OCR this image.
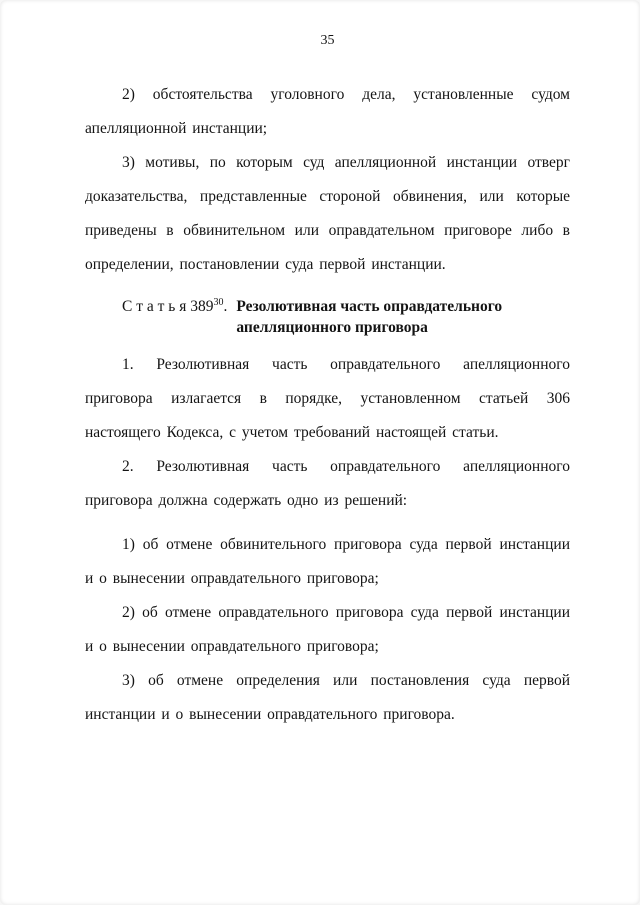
35

2) обстоятельства уголовного дела, установленные судом апелляционной инстанции;

3) мотивы, по которым суд апелляционной инстанции отверг доказательства, представленные стороной обвинения, или которые приведены в обвинительном или оправдательном приговоре либо в определении, постановлении суда первой инстанции.

С т а т ь я $389^{30}$. Резолютивная часть оправдательного апелляционного приговора

1. Резолютивная часть оправдательного апелляционного приговора излагается в порядке, установленном статьей 306 настоящего Кодекса, с учетом требований настоящей статьи.

2. Резолютивная часть оправдательного апелляционного приговора должна содержать одно из решений:

1) об отмене обвинительного приговора суда первой инстанции и о вынесении оправдательного приговора;

2) об отмене оправдательного приговора суда первой инстанции и о вынесении оправдательного приговора;

3) об отмене определения или постановления суда первой инстанции и о вынесении оправдательного приговора.
